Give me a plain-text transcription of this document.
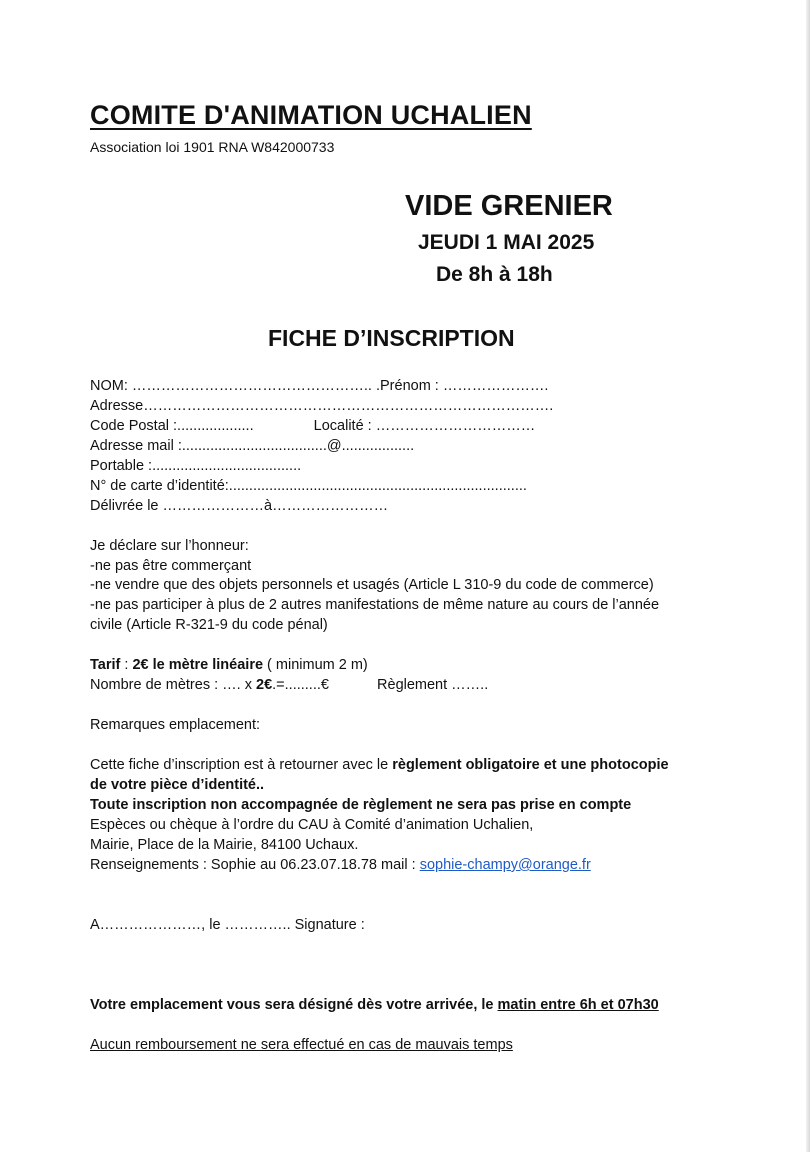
COMITE D'ANIMATION UCHALIEN
Association loi 1901 RNA W842000733
VIDE GRENIER
JEUDI 1 MAI 2025
De 8h à 18h
FICHE D’INSCRIPTION
NOM: ………………………………………….. .Prénom : ………………….
Adresse………………………………………………………………………….
Code Postal :...................	Localité : ……………………………
Adresse mail :....................................@..................
Portable :.....................................
N° de carte d’identité:..........................................................................
Délivrée le …………………à……………………
Je déclare sur l’honneur:
-ne pas être commerçant
-ne vendre que des objets personnels et usagés (Article L 310-9 du code de commerce)
-ne pas participer à plus de 2 autres manifestations de même nature au cours de l’année
civile (Article R-321-9 du code pénal)
Tarif : 2€ le mètre linéaire ( minimum 2 m)
Nombre de mètres : …. x 2€.=.........€	Règlement ……..
Remarques emplacement:
Cette fiche d’inscription est à retourner avec le règlement obligatoire et une photocopie
de votre pièce d’identité..
Toute inscription non accompagnée de règlement ne sera pas prise en compte
Espèces ou chèque à l’ordre du CAU à Comité d’animation Uchalien,
Mairie, Place de la Mairie, 84100 Uchaux.
Renseignements : Sophie au 06.23.07.18.78 mail : sophie-champy@orange.fr
A…………………, le ………….. Signature :
Votre emplacement vous sera désigné dès votre arrivée, le matin entre 6h et 07h30
Aucun remboursement ne sera effectué en cas de mauvais temps
